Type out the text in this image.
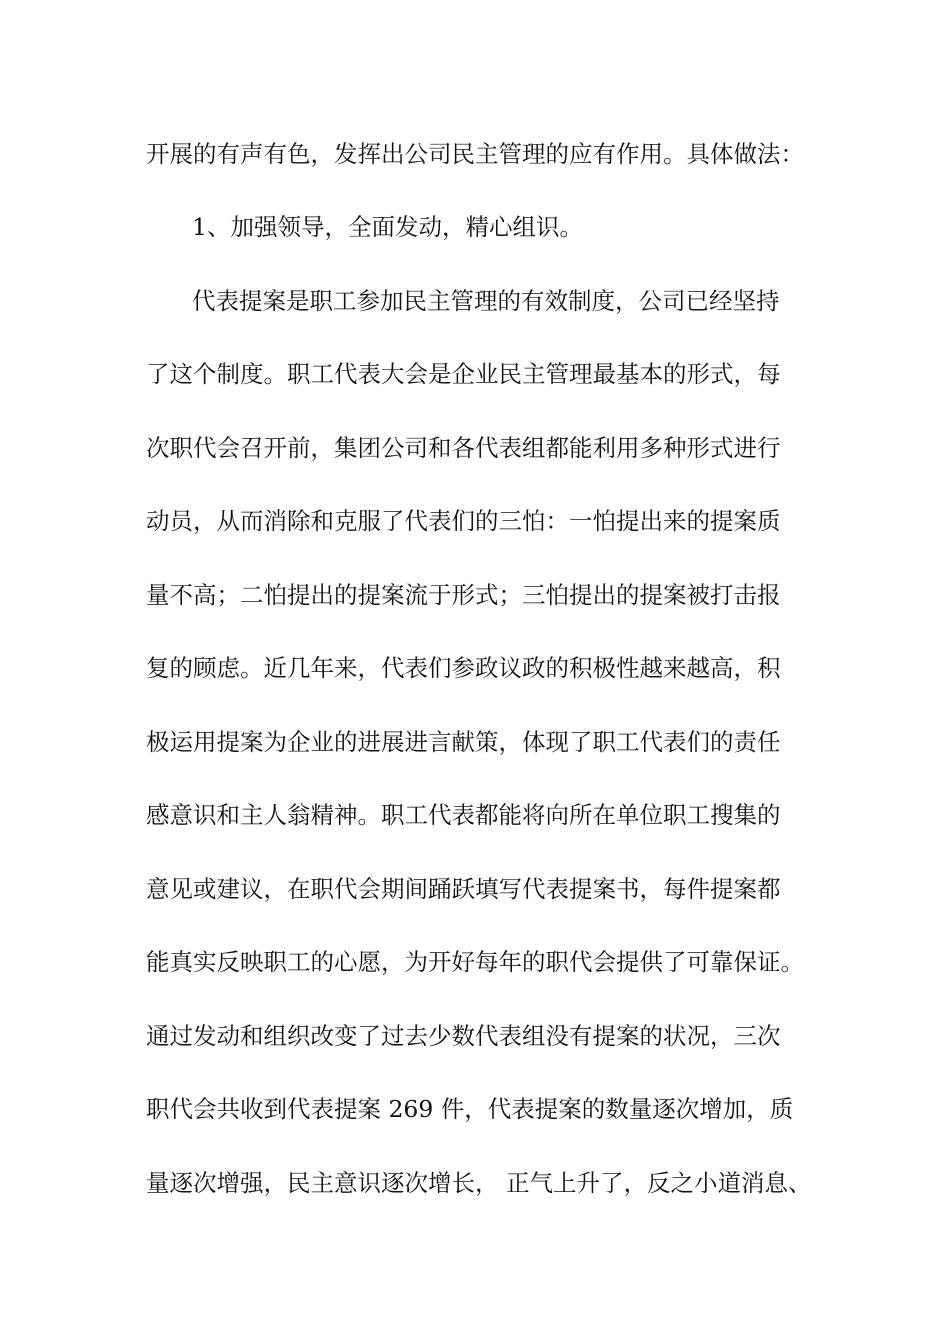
开展的有声有色，发挥出公司民主管理的应有作用。具体做法：
1、加强领导，全面发动，精心组识。
代表提案是职工参加民主管理的有效制度，公司已经坚持
了这个制度。职工代表大会是企业民主管理最基本的形式，每
次职代会召开前，集团公司和各代表组都能利用多种形式进行
动员，从而消除和克服了代表们的三怕：一怕提出来的提案质
量不高；二怕提出的提案流于形式；三怕提出的提案被打击报
复的顾虑。近几年来，代表们参政议政的积极性越来越高，积
极运用提案为企业的进展进言献策，体现了职工代表们的责任
感意识和主人翁精神。职工代表都能将向所在单位职工搜集的
意见或建议，在职代会期间踊跃填写代表提案书，每件提案都
能真实反映职工的心愿，为开好每年的职代会提供了可靠保证。
通过发动和组织改变了过去少数代表组没有提案的状况，三次
职代会共收到代表提案 269 件，代表提案的数量逐次增加，质
量逐次增强，民主意识逐次增长， 正气上升了，反之小道消息、
